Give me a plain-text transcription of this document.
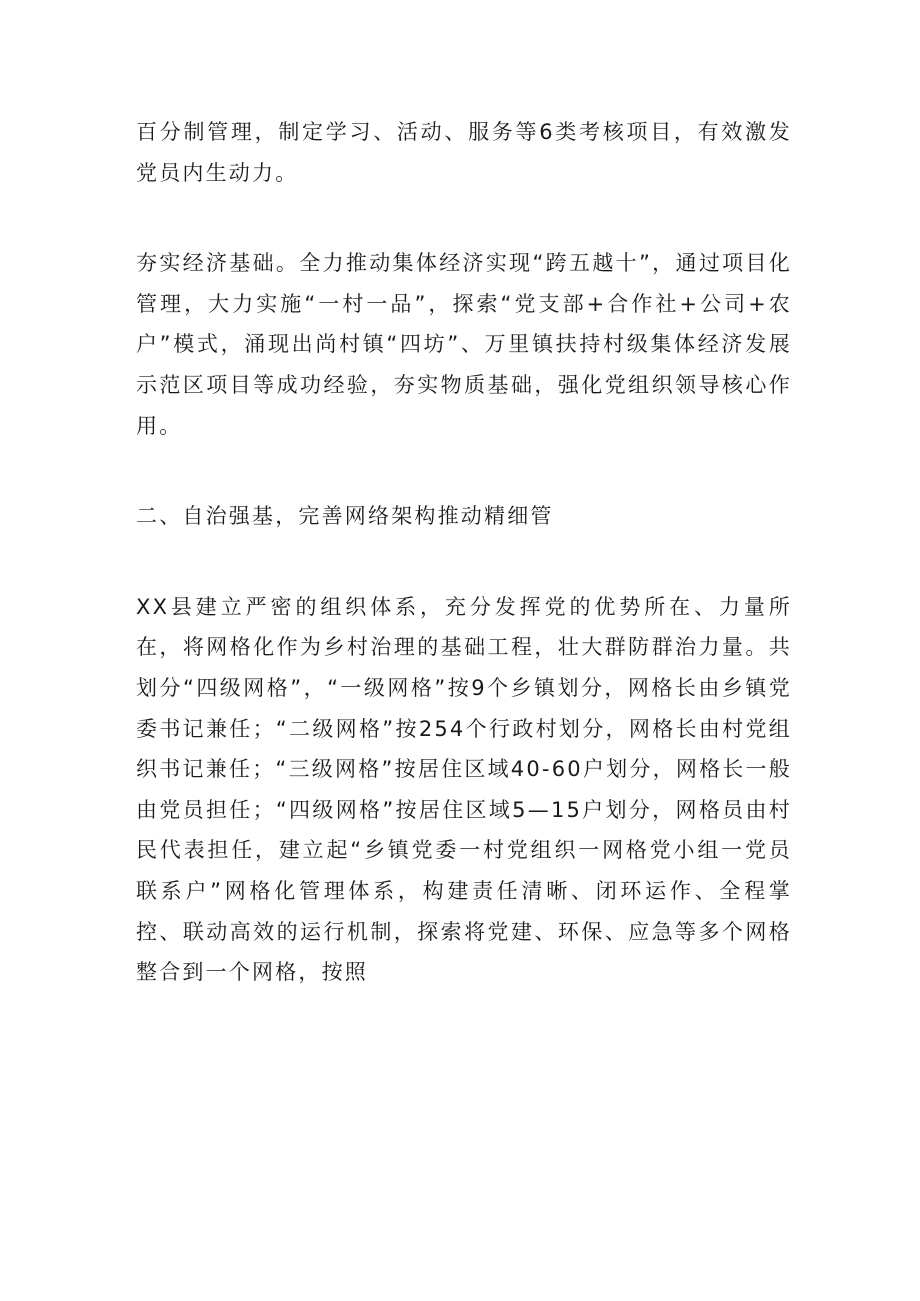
百分制管理，制定学习、活动、服务等6类考核项目，有效激发党员内生动力。

夯实经济基础。全力推动集体经济实现“跨五越十”，通过项目化管理，大力实施“一村一品”，探索“党支部+合作社+公司+农户”模式，涌现出尚村镇“四坊”、万里镇扶持村级集体经济发展示范区项目等成功经验，夯实物质基础，强化党组织领导核心作用。

二、自治强基，完善网络架构推动精细管

XX县建立严密的组织体系，充分发挥党的优势所在、力量所在，将网格化作为乡村治理的基础工程，壮大群防群治力量。共划分“四级网格”，“一级网格”按9个乡镇划分，网格长由乡镇党委书记兼任；“二级网格”按254个行政村划分，网格长由村党组织书记兼任；“三级网格”按居住区域40-60户划分，网格长一般由党员担任；“四级网格”按居住区域5—15户划分，网格员由村民代表担任，建立起“乡镇党委一村党组织一网格党小组一党员联系户”网格化管理体系，构建责任清晰、闭环运作、全程掌控、联动高效的运行机制，探索将党建、环保、应急等多个网格整合到一个网格，按照
